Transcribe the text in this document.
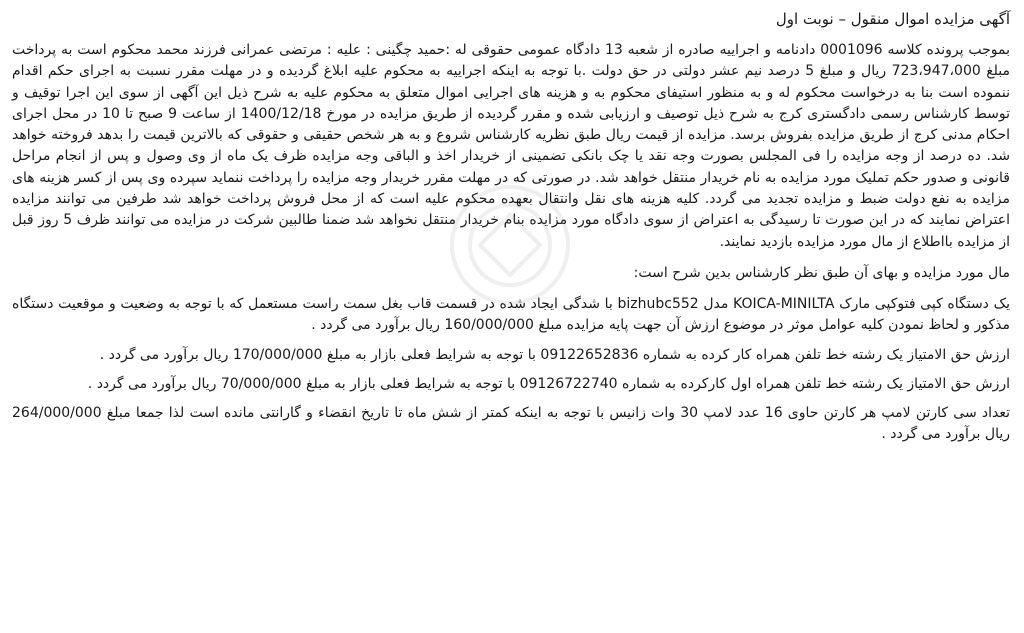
آگهی مزایده اموال منقول – نوبت اول

بموجب پرونده کلاسه 0001096 دادنامه و اجراییه صادره از شعبه 13 دادگاه عمومی حقوقی له :حمید چگینی : علیه : مرتضی عمرانی فرزند محمد محکوم است به پرداخت مبلغ 723،947،000 ریال و مبلغ 5 درصد نیم عشر دولتی در حق دولت .با توجه به اینکه اجراییه به محکوم علیه ابلاغ گردیده و در مهلت مقرر نسبت به اجرای حکم اقدام ننموده است بنا به درخواست محکوم له و به منظور استیفای محکوم به و هزینه های اجرایی اموال متعلق به محکوم علیه به شرح ذیل این آگهی از سوی این اجرا توقیف و توسط کارشناس رسمی دادگستری کرج به شرح ذیل توصیف و ارزیابی شده و مقرر گردیده از طریق مزایده در مورخ 1400/12/18 از ساعت 9 صبح تا 10 در محل اجرای احکام مدنی کرج از طریق مزایده بفروش برسد. مزایده از قیمت ریال طبق نظریه کارشناس شروع و به هر شخص حقیقی و حقوقی که بالاترین قیمت را بدهد فروخته خواهد شد. ده درصد از وجه مزایده را فی المجلس بصورت وجه نقد یا چک بانکی تضمینی از خریدار اخذ و الباقی وجه مزایده ظرف یک ماه از وی وصول و پس از انجام مراحل قانونی و صدور حکم تملیک مورد مزایده به نام خریدار منتقل خواهد شد. در صورتی که در مهلت مقرر خریدار وجه مزایده را پرداخت ننماید سپرده وی پس از کسر هزینه های مزایده به نفع دولت ضبط و مزایده تجدید می گردد. کلیه هزینه های نقل وانتقال بعهده محکوم علیه است که از محل فروش پرداخت خواهد شد طرفین می توانند مزایده اعتراض نمایند که در این صورت تا رسیدگی به اعتراض از سوی دادگاه مورد مزایده بنام خریدار منتقل نخواهد شد ضمنا طالبین شرکت در مزایده می توانند ظرف 5 روز قبل از مزایده بااطلاع از مال مورد مزایده بازدید نمایند.

مال مورد مزایده و بهای آن طبق نظر کارشناس بدین شرح است:

یک دستگاه کپی فتوکپی مارک KOICA-MINILTA مدل bizhubc552 با شدگی ایجاد شده در قسمت قاب بغل سمت راست مستعمل که با توجه به وضعیت و موقعیت دستگاه مذکور و لحاظ نمودن کلیه عوامل موثر در موضوع ارزش آن جهت پایه مزایده مبلغ 160/000/000 ریال برآورد می گردد .

ارزش حق الامتیاز یک رشته خط تلفن همراه کار کرده به شماره 09122652836 با توجه به شرایط فعلی بازار به مبلغ 170/000/000 ریال برآورد می گردد .

ارزش حق الامتیاز یک رشته خط تلفن همراه اول کارکرده به شماره 09126722740 با توجه به شرایط فعلی بازار به مبلغ 70/000/000 ریال برآورد می گردد .

تعداد سی کارتن لامپ هر کارتن حاوی 16 عدد لامپ 30 وات زانیس با توجه به اینکه کمتر از شش ماه تا تاریخ انقضاء و گارانتی مانده است لذا جمعا مبلغ 264/000/000 ریال برآورد می گردد .
